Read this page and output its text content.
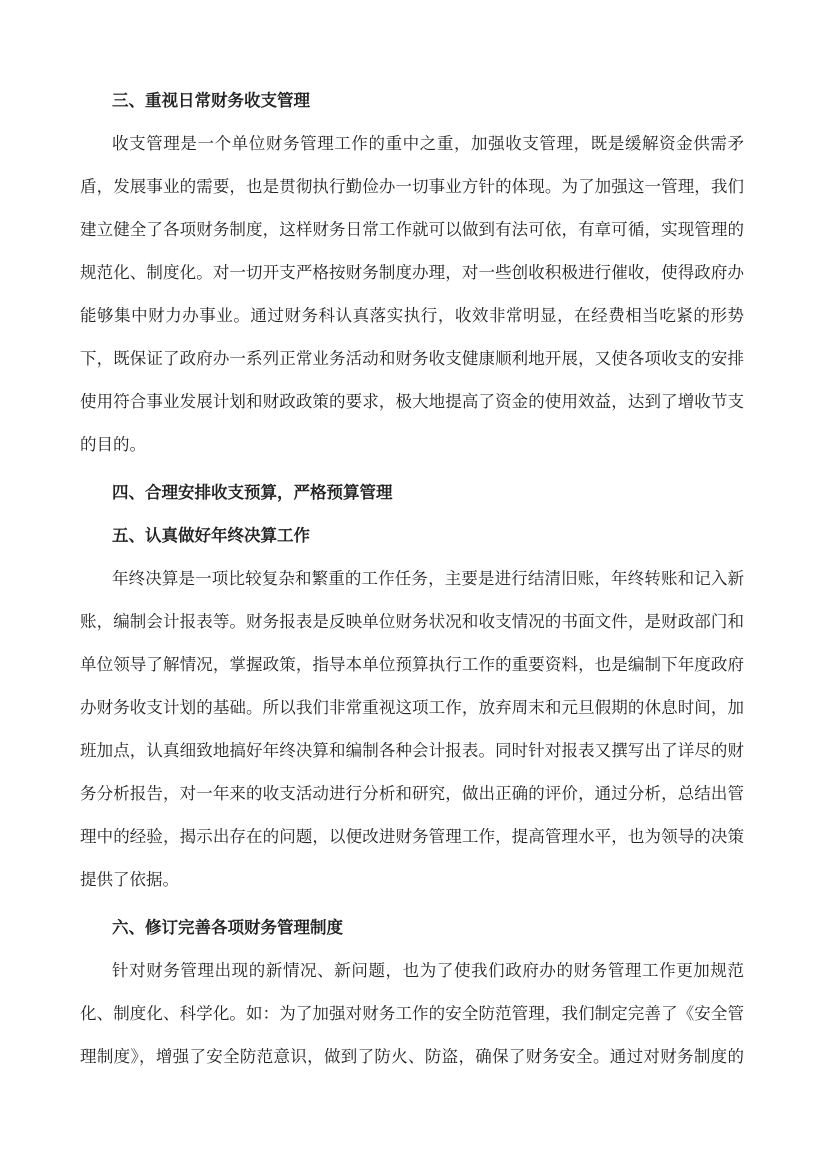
三、重视日常财务收支管理
收支管理是一个单位财务管理工作的重中之重，加强收支管理，既是缓解资金供需矛
盾，发展事业的需要，也是贯彻执行勤俭办一切事业方针的体现。为了加强这一管理，我们
建立健全了各项财务制度，这样财务日常工作就可以做到有法可依，有章可循，实现管理的
规范化、制度化。对一切开支严格按财务制度办理，对一些创收积极进行催收，使得政府办
能够集中财力办事业。通过财务科认真落实执行，收效非常明显，在经费相当吃紧的形势
下，既保证了政府办一系列正常业务活动和财务收支健康顺利地开展，又使各项收支的安排
使用符合事业发展计划和财政政策的要求，极大地提高了资金的使用效益，达到了增收节支
的目的。
四、合理安排收支预算，严格预算管理
五、认真做好年终决算工作
年终决算是一项比较复杂和繁重的工作任务，主要是进行结清旧账，年终转账和记入新
账，编制会计报表等。财务报表是反映单位财务状况和收支情况的书面文件，是财政部门和
单位领导了解情况，掌握政策，指导本单位预算执行工作的重要资料，也是编制下年度政府
办财务收支计划的基础。所以我们非常重视这项工作，放弃周末和元旦假期的休息时间，加
班加点，认真细致地搞好年终决算和编制各种会计报表。同时针对报表又撰写出了详尽的财
务分析报告，对一年来的收支活动进行分析和研究，做出正确的评价，通过分析，总结出管
理中的经验，揭示出存在的问题，以便改进财务管理工作，提高管理水平，也为领导的决策
提供了依据。
六、修订完善各项财务管理制度
针对财务管理出现的新情况、新问题，也为了使我们政府办的财务管理工作更加规范
化、制度化、科学化。如：为了加强对财务工作的安全防范管理，我们制定完善了《安全管
理制度》，增强了安全防范意识，做到了防火、防盗，确保了财务安全。通过对财务制度的
